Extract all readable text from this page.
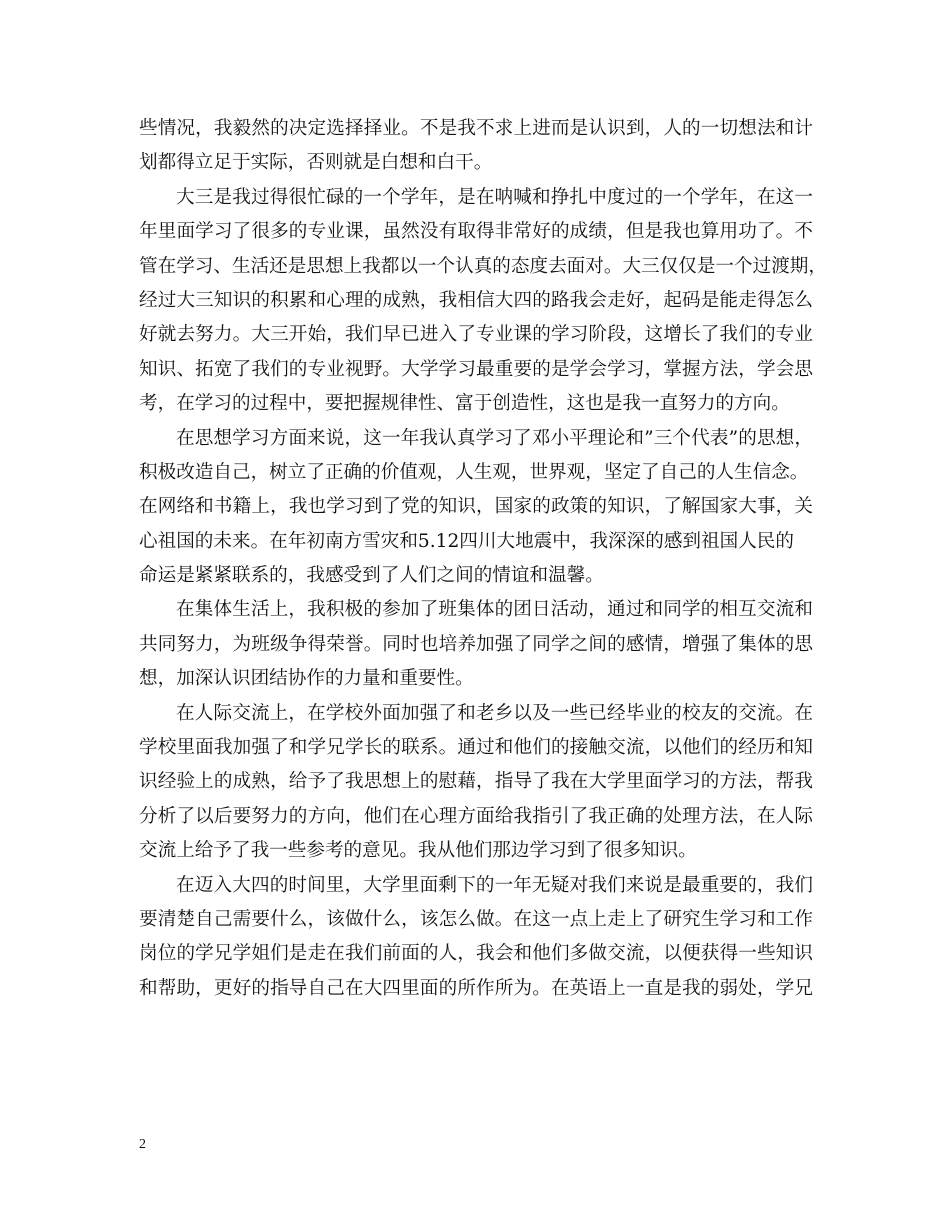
些情况，我毅然的决定选择择业。不是我不求上进而是认识到，人的一切想法和计
划都得立足于实际，否则就是白想和白干。
大三是我过得很忙碌的一个学年，是在呐喊和挣扎中度过的一个学年，在这一
年里面学习了很多的专业课，虽然没有取得非常好的成绩，但是我也算用功了。不
管在学习、生活还是思想上我都以一个认真的态度去面对。大三仅仅是一个过渡期，
经过大三知识的积累和心理的成熟，我相信大四的路我会走好，起码是能走得怎么
好就去努力。大三开始，我们早已进入了专业课的学习阶段，这增长了我们的专业
知识、拓宽了我们的专业视野。大学学习最重要的是学会学习，掌握方法，学会思
考，在学习的过程中，要把握规律性、富于创造性，这也是我一直努力的方向。
在思想学习方面来说，这一年我认真学习了邓小平理论和”三个代表”的思想，
积极改造自己，树立了正确的价值观，人生观，世界观，坚定了自己的人生信念。
在网络和书籍上，我也学习到了党的知识，国家的政策的知识，了解国家大事，关
心祖国的未来。在年初南方雪灾和5.12四川大地震中，我深深的感到祖国人民的
命运是紧紧联系的，我感受到了人们之间的情谊和温馨。
在集体生活上，我积极的参加了班集体的团日活动，通过和同学的相互交流和
共同努力，为班级争得荣誉。同时也培养加强了同学之间的感情，增强了集体的思
想，加深认识团结协作的力量和重要性。
在人际交流上，在学校外面加强了和老乡以及一些已经毕业的校友的交流。在
学校里面我加强了和学兄学长的联系。通过和他们的接触交流，以他们的经历和知
识经验上的成熟，给予了我思想上的慰藉，指导了我在大学里面学习的方法，帮我
分析了以后要努力的方向，他们在心理方面给我指引了我正确的处理方法，在人际
交流上给予了我一些参考的意见。我从他们那边学习到了很多知识。
在迈入大四的时间里，大学里面剩下的一年无疑对我们来说是最重要的，我们
要清楚自己需要什么，该做什么，该怎么做。在这一点上走上了研究生学习和工作
岗位的学兄学姐们是走在我们前面的人，我会和他们多做交流，以便获得一些知识
和帮助，更好的指导自己在大四里面的所作所为。在英语上一直是我的弱处，学兄
2
